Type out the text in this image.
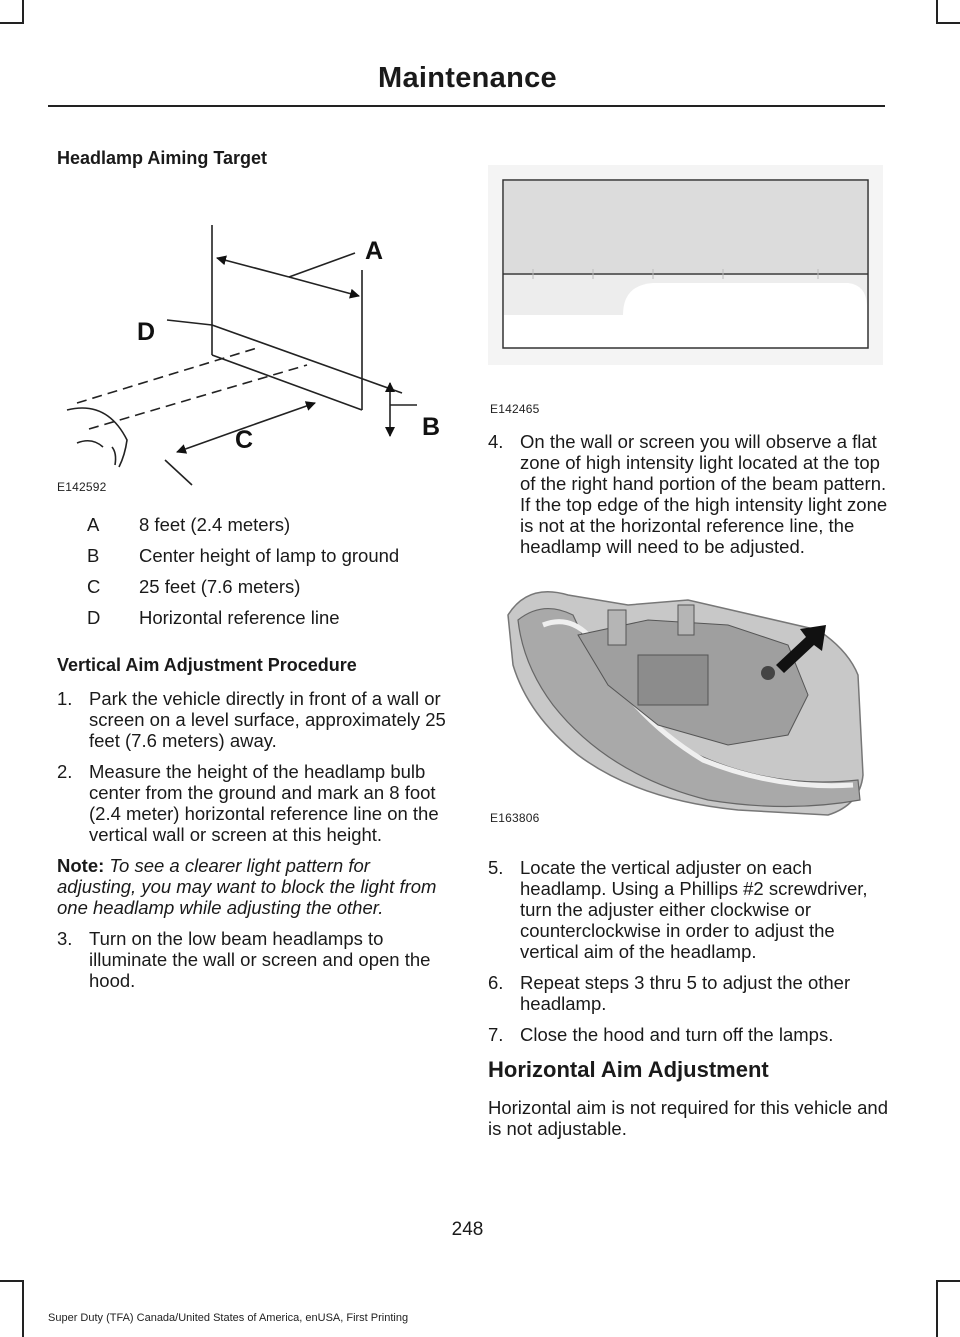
Maintenance
Headlamp Aiming Target
A
D
B
C
E142592
A	8 feet (2.4 meters)
B	Center height of lamp to ground
C	25 feet (7.6 meters)
D	Horizontal reference line
Vertical Aim Adjustment Procedure
1. Park the vehicle directly in front of a wall or screen on a level surface, approximately 25 feet (7.6 meters) away.
2. Measure the height of the headlamp bulb center from the ground and mark an 8 foot (2.4 meter) horizontal reference line on the vertical wall or screen at this height.

Note: To see a clearer light pattern for adjusting, you may want to block the light from one headlamp while adjusting the other.

3. Turn on the low beam headlamps to illuminate the wall or screen and open the hood.
E142465
4. On the wall or screen you will observe a flat zone of high intensity light located at the top of the right hand portion of the beam pattern. If the top edge of the high intensity light zone is not at the horizontal reference line, the headlamp will need to be adjusted.
E163806
5. Locate the vertical adjuster on each headlamp. Using a Phillips #2 screwdriver, turn the adjuster either clockwise or counterclockwise in order to adjust the vertical aim of the headlamp.
6. Repeat steps 3 thru 5 to adjust the other headlamp.
7. Close the hood and turn off the lamps.
Horizontal Aim Adjustment

Horizontal aim is not required for this vehicle and is not adjustable.

248
Super Duty (TFA) Canada/United States of America, enUSA, First Printing
